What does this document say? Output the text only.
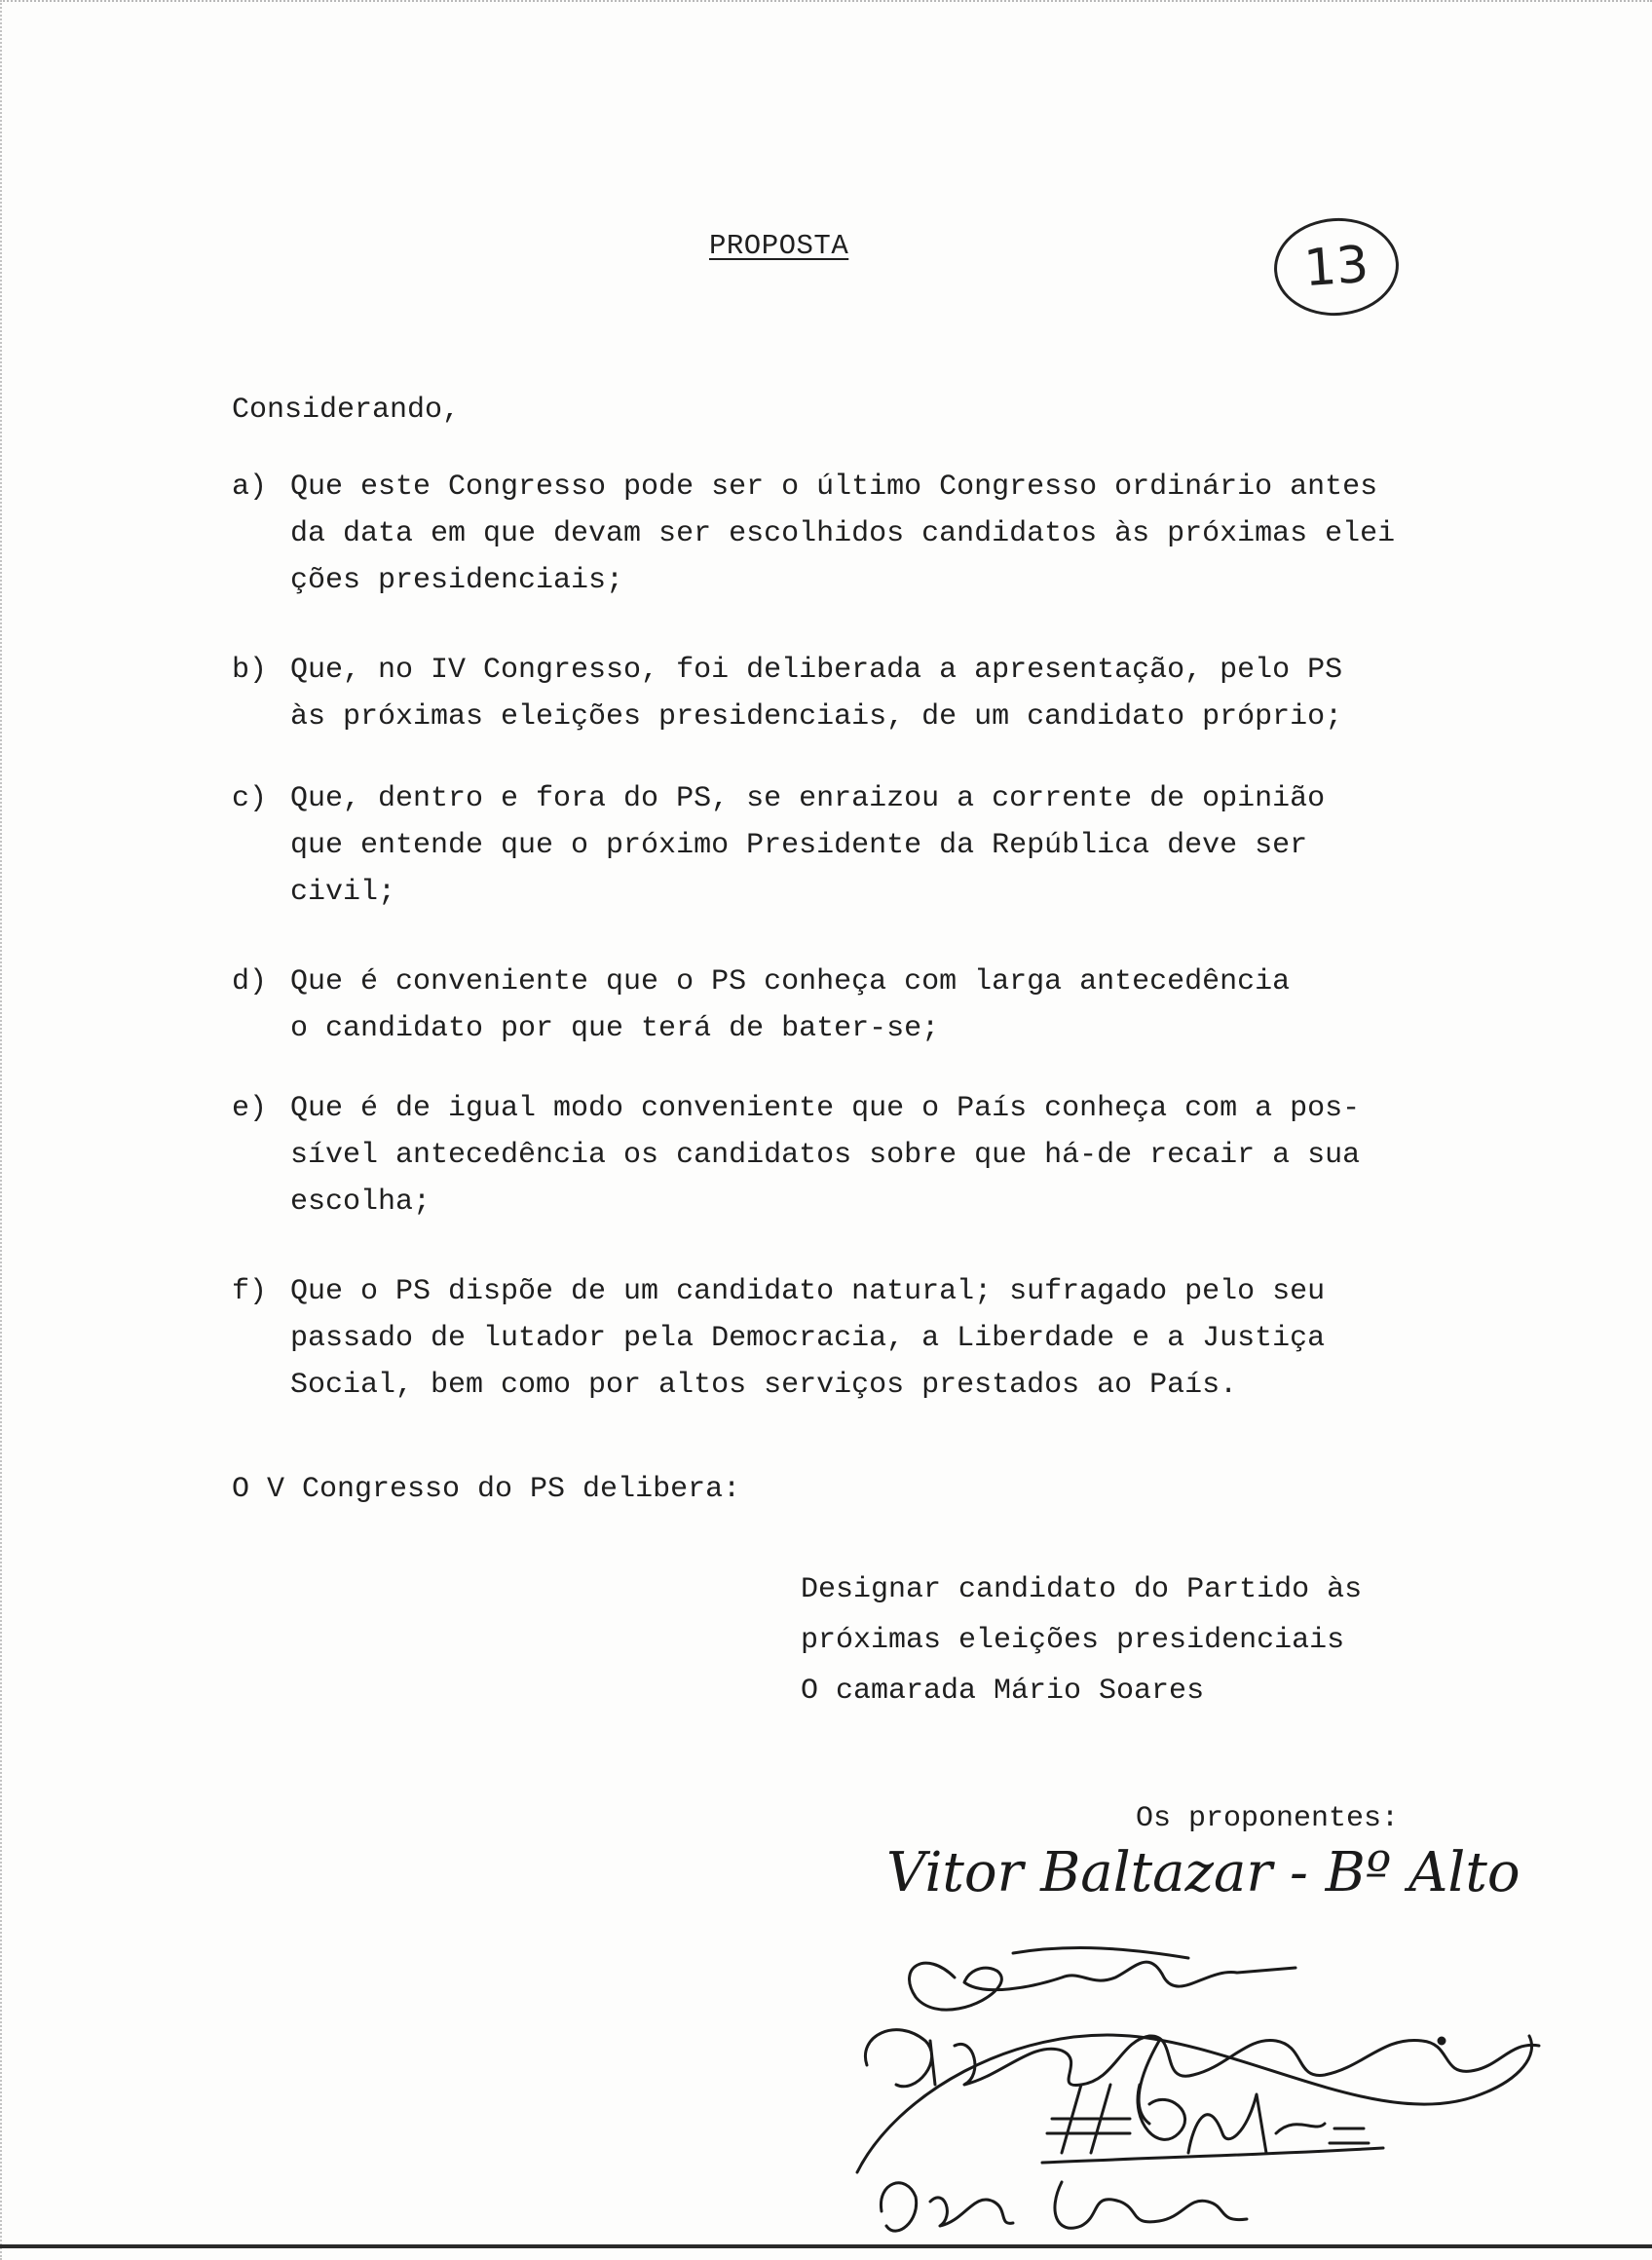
PROPOSTA	13
Considerando,
a) Que este Congresso pode ser o último Congresso ordinário antes
da data em que devam ser escolhidos candidatos às próximas elei
ções presidenciais;
b) Que, no IV Congresso, foi deliberada a apresentação, pelo PS
às próximas eleições presidenciais, de um candidato próprio;
c) Que, dentro e fora do PS, se enraizou a corrente de opinião
que entende que o próximo Presidente da República deve ser
civil;
d) Que é conveniente que o PS conheça com larga antecedência
o candidato por que terá de bater-se;
e) Que é de igual modo conveniente que o País conheça com a pos-
sível antecedência os candidatos sobre que há-de recair a sua
escolha;
f) Que o PS dispõe de um candidato natural; sufragado pelo seu
passado de lutador pela Democracia, a Liberdade e a Justiça
Social, bem como por altos serviços prestados ao País.
O V Congresso do PS delibera:
Designar candidato do Partido às
próximas eleições presidenciais
O camarada Mário Soares
Os proponentes:
Vitor Baltazar - Bº Alto
